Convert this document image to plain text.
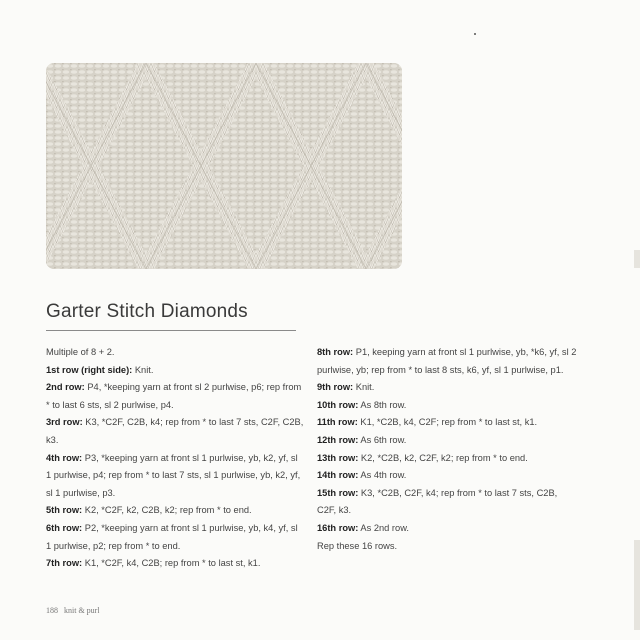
Garter Stitch Diamonds

Multiple of 8 + 2.

1st row (right side): Knit.

2nd row: P4, *keeping yarn at front sl 2 purlwise, p6; rep from * to last 6 sts, sl 2 purlwise, p4.

3rd row: K3, *C2F, C2B, k4; rep from * to last 7 sts, C2F, C2B, k3.

4th row: P3, *keeping yarn at front sl 1 purlwise, yb, k2, yf, sl 1 purlwise, p4; rep from * to last 7 sts, sl 1 purlwise, yb, k2, yf, sl 1 purlwise, p3.

5th row: K2, *C2F, k2, C2B, k2; rep from * to end.

6th row: P2, *keeping yarn at front sl 1 purlwise, yb, k4, yf, sl 1 purlwise, p2; rep from * to end.

7th row: K1, *C2F, k4, C2B; rep from * to last st, k1.

8th row: P1, keeping yarn at front sl 1 purlwise, yb, *k6, yf, sl 2 purlwise, yb; rep from * to last 8 sts, k6, yf, sl 1 purlwise, p1.

9th row: Knit.

10th row: As 8th row.

11th row: K1, *C2B, k4, C2F; rep from * to last st, k1.

12th row: As 6th row.

13th row: K2, *C2B, k2, C2F, k2; rep from * to end.

14th row: As 4th row.

15th row: K3, *C2B, C2F, k4; rep from * to last 7 sts, C2B, C2F, k3.

16th row: As 2nd row.

Rep these 16 rows.

188 knit & purl
